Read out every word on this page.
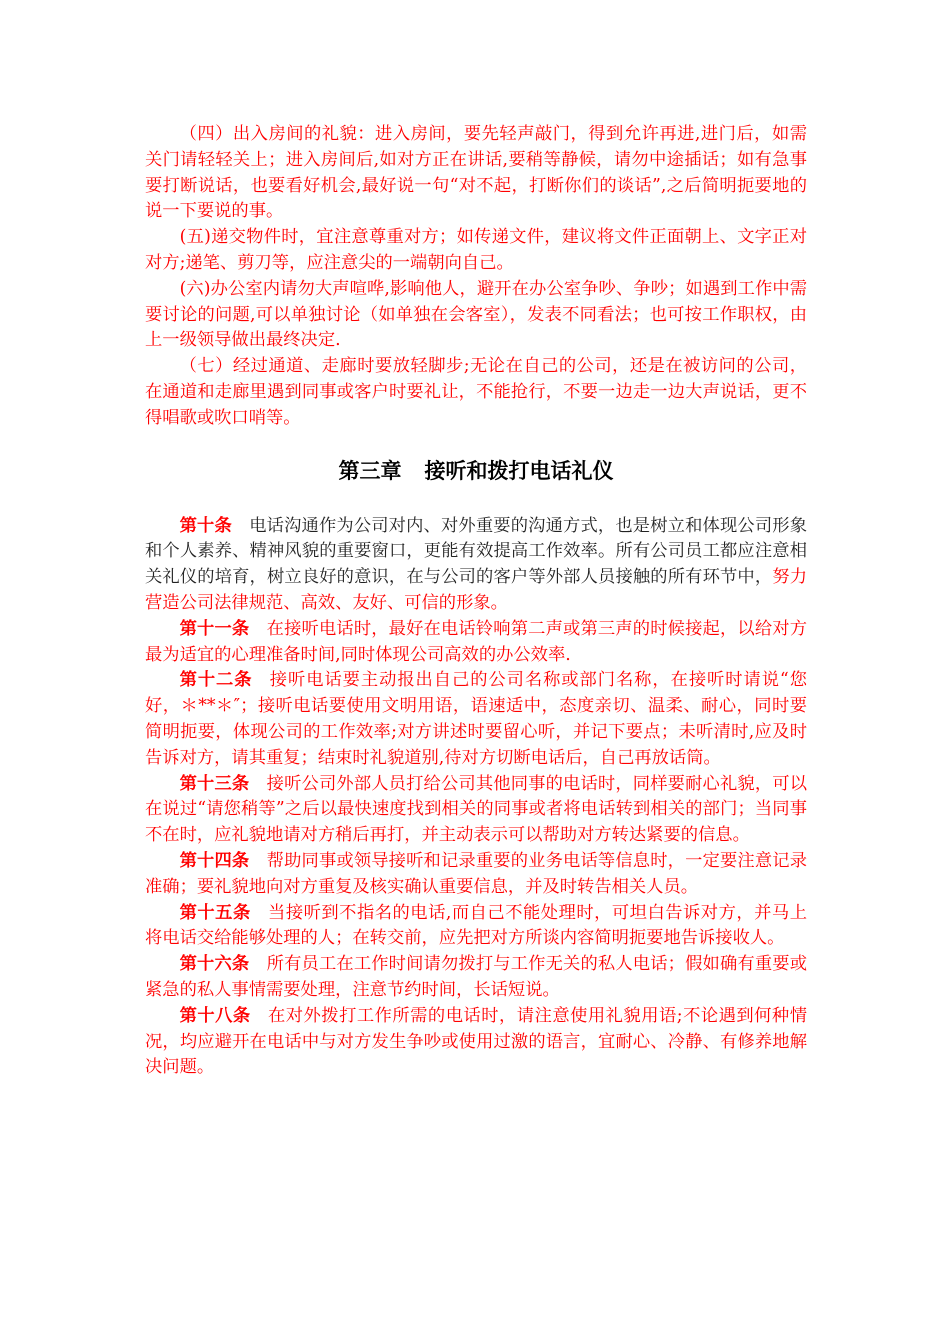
（四）出入房间的礼貌：进入房间，要先轻声敲门，得到允许再进,进门后，如需关门请轻轻关上；进入房间后,如对方正在讲话,要稍等静候，请勿中途插话；如有急事要打断说话，也要看好机会,最好说一句“对不起，打断你们的谈话”,之后简明扼要地的说一下要说的事。

(五)递交物件时，宜注意尊重对方；如传递文件，建议将文件正面朝上、文字正对对方;递笔、剪刀等，应注意尖的一端朝向自己。

(六)办公室内请勿大声喧哗,影响他人，避开在办公室争吵、争吵；如遇到工作中需要讨论的问题,可以单独讨论（如单独在会客室），发表不同看法；也可按工作职权，由上一级领导做出最终决定.

（七）经过通道、走廊时要放轻脚步;无论在自己的公司，还是在被访问的公司，在通道和走廊里遇到同事或客户时要礼让，不能抢行，不要一边走一边大声说话，更不得唱歌或吹口哨等。

第三章 接听和拨打电话礼仪

第十条 电话沟通作为公司对内、对外重要的沟通方式，也是树立和体现公司形象和个人素养、精神风貌的重要窗口，更能有效提高工作效率。所有公司员工都应注意相关礼仪的培育，树立良好的意识，在与公司的客户等外部人员接触的所有环节中，努力营造公司法律规范、高效、友好、可信的形象。

第十一条 在接听电话时，最好在电话铃响第二声或第三声的时候接起，以给对方最为适宜的心理准备时间,同时体现公司高效的办公效率.

第十二条 接听电话要主动报出自己的公司名称或部门名称，在接听时请说“您好，＊**＊″；接听电话要使用文明用语，语速适中，态度亲切、温柔、耐心，同时要简明扼要，体现公司的工作效率;对方讲述时要留心听，并记下要点；未听清时,应及时告诉对方，请其重复；结束时礼貌道别,待对方切断电话后，自己再放话筒。

第十三条 接听公司外部人员打给公司其他同事的电话时，同样要耐心礼貌，可以在说过“请您稍等”之后以最快速度找到相关的同事或者将电话转到相关的部门；当同事不在时，应礼貌地请对方稍后再打，并主动表示可以帮助对方转达紧要的信息。

第十四条 帮助同事或领导接听和记录重要的业务电话等信息时，一定要注意记录准确；要礼貌地向对方重复及核实确认重要信息，并及时转告相关人员。

第十五条 当接听到不指名的电话,而自己不能处理时，可坦白告诉对方，并马上将电话交给能够处理的人；在转交前，应先把对方所谈内容简明扼要地告诉接收人。

第十六条 所有员工在工作时间请勿拨打与工作无关的私人电话；假如确有重要或紧急的私人事情需要处理，注意节约时间，长话短说。

第十八条 在对外拨打工作所需的电话时，请注意使用礼貌用语;不论遇到何种情况，均应避开在电话中与对方发生争吵或使用过激的语言，宜耐心、冷静、有修养地解决问题。
